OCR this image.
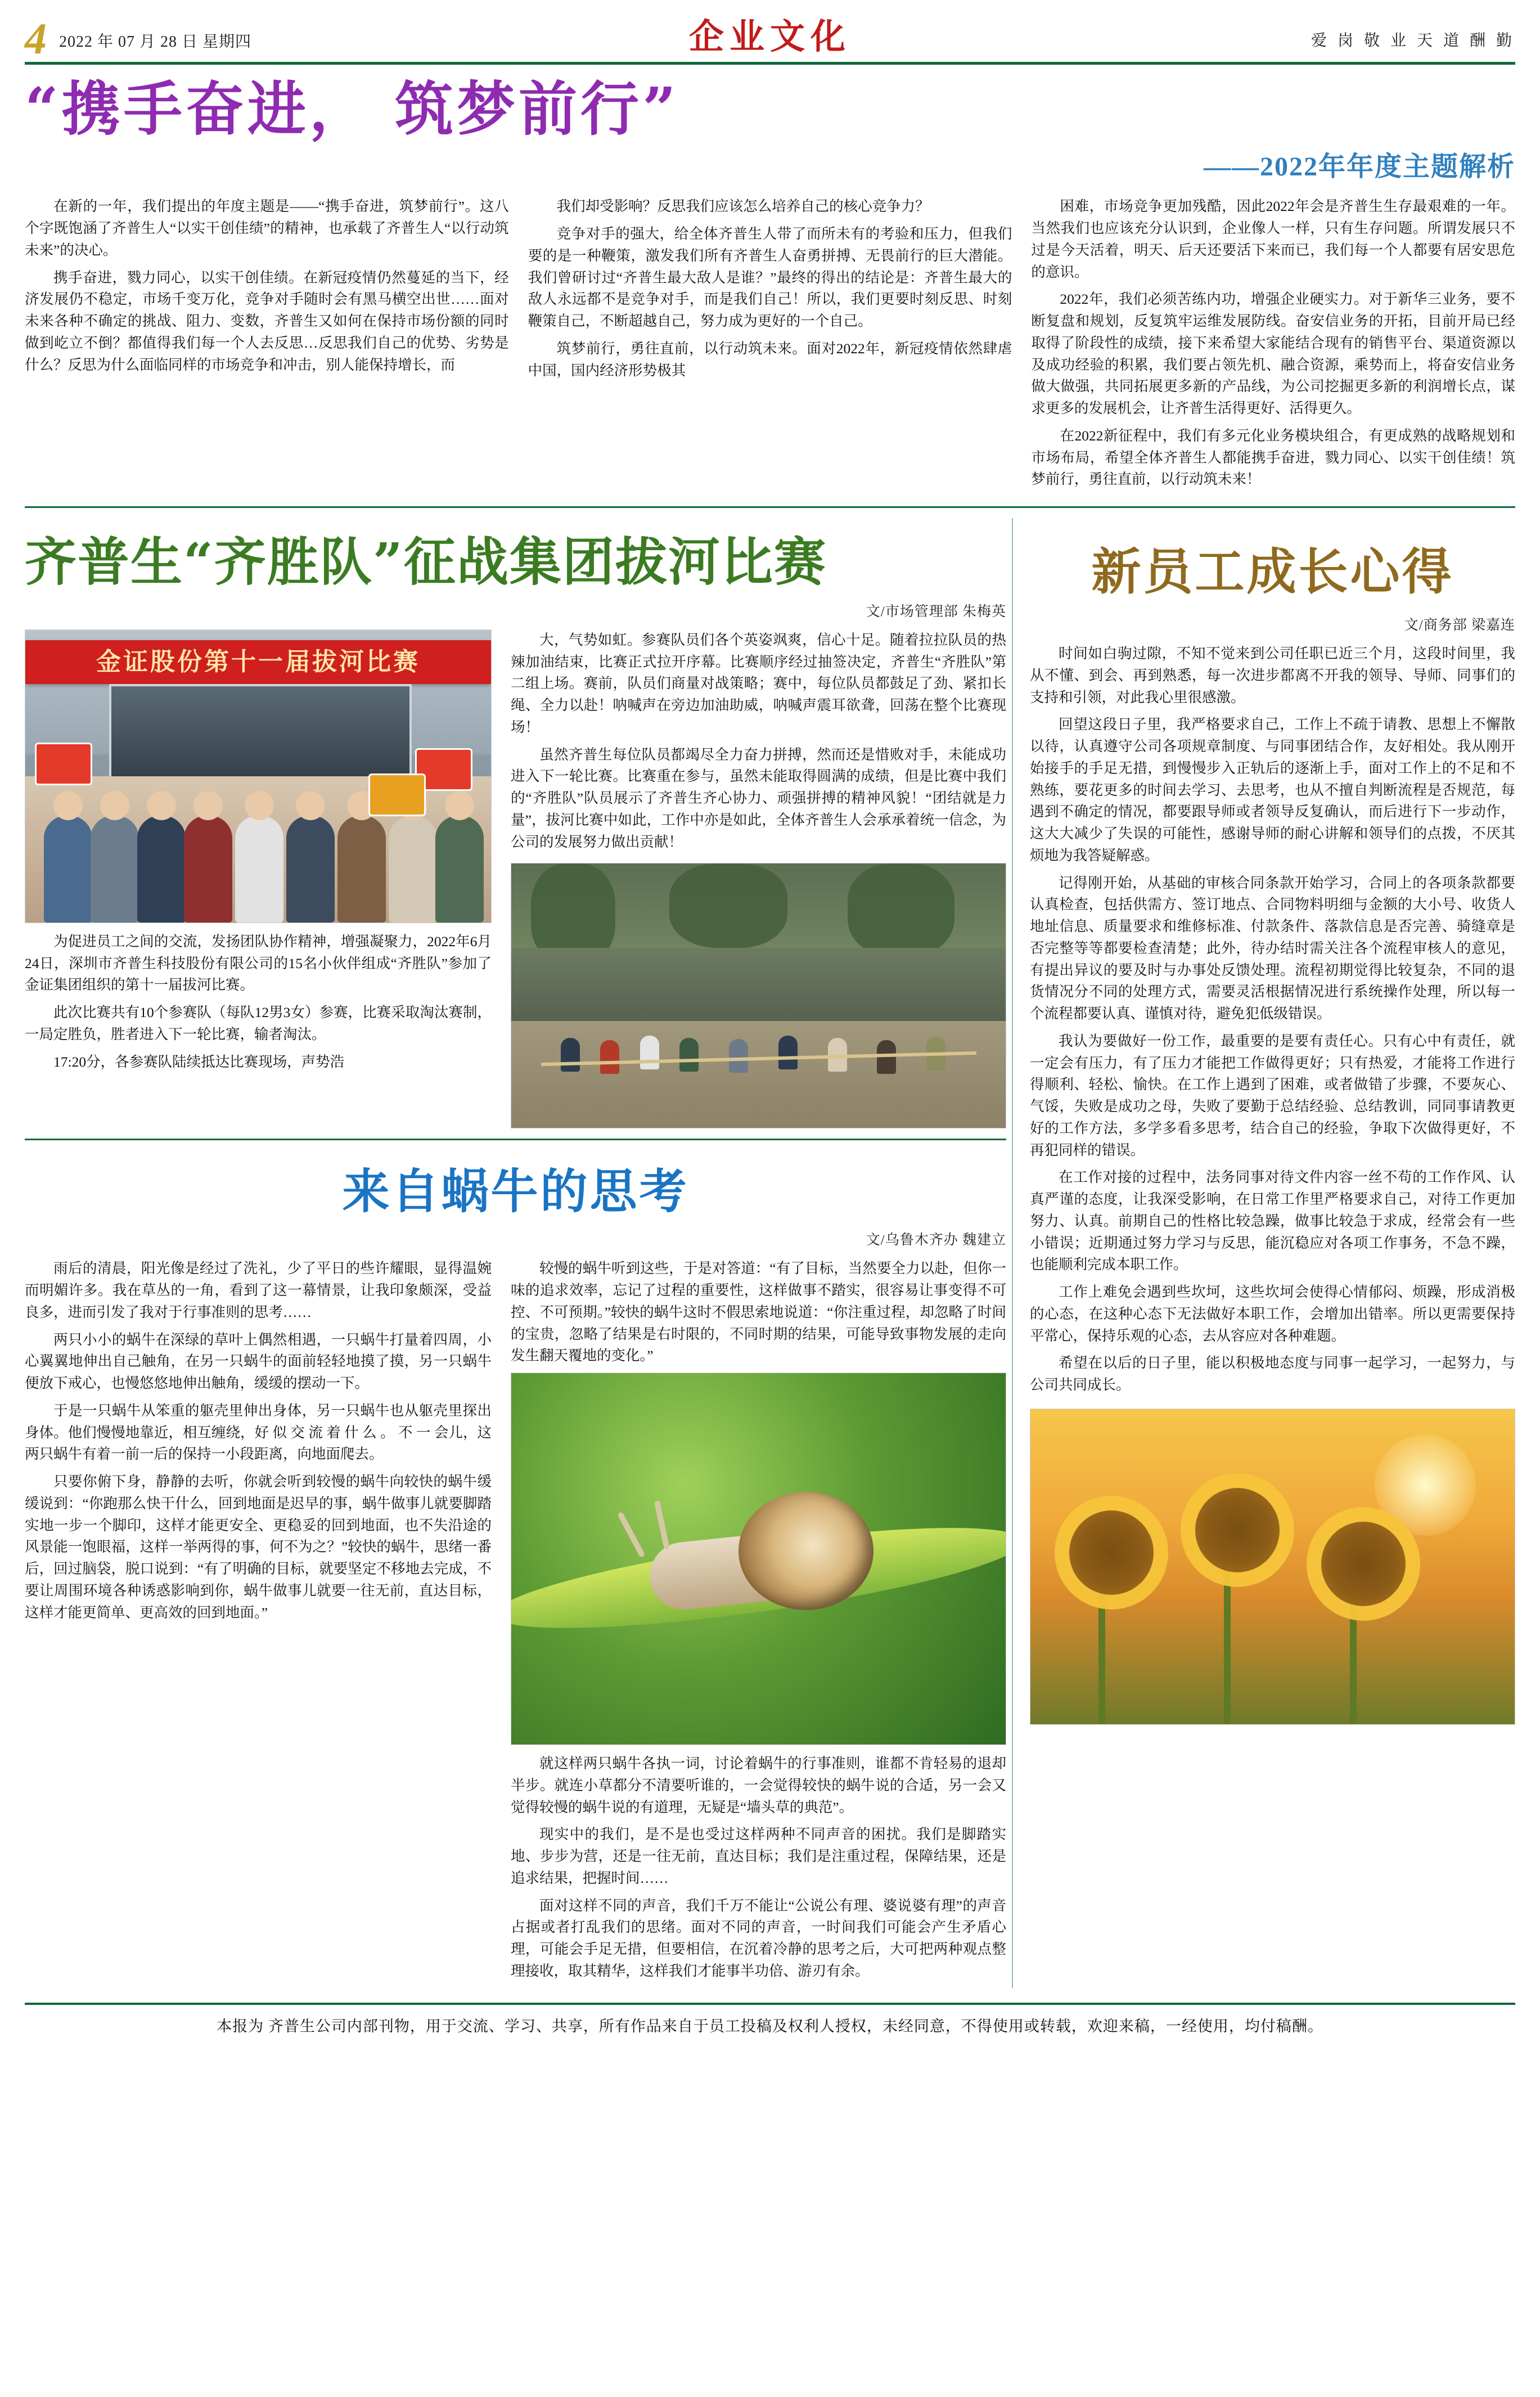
4 2022 年 07 月 28 日 星期四	企业文化	爱 岗 敬 业 天 道 酬 勤
“携手奋进， 筑梦前行”
——2022年年度主题解析

在新的一年，我们提出的年度主题是——“携手奋进，筑梦前行”。这八个字既饱涵了齐普生人“以实干创佳绩”的精神，也承载了齐普生人“以行动筑未来”的决心。

携手奋进，戮力同心，以实干创佳绩。在新冠疫情仍然蔓延的当下，经济发展仍不稳定，市场千变万化，竞争对手随时会有黑马横空出世……面对未来各种不确定的挑战、阻力、变数，齐普生又如何在保持市场份额的同时做到屹立不倒？都值得我们每一个人去反思…反思我们自己的优势、劣势是什么？反思为什么面临同样的市场竞争和冲击，别人能保持增长，而

我们却受影响？反思我们应该怎么培养自己的核心竞争力？

竞争对手的强大，给全体齐普生人带了而所未有的考验和压力，但我们要的是一种鞭策，激发我们所有齐普生人奋勇拼搏、无畏前行的巨大潜能。我们曾研讨过“齐普生最大敌人是谁？”最终的得出的结论是：齐普生最大的敌人永远都不是竞争对手，而是我们自己！所以，我们更要时刻反思、时刻鞭策自己，不断超越自己，努力成为更好的一个自己。

筑梦前行，勇往直前，以行动筑未来。面对2022年，新冠疫情依然肆虐中国，国内经济形势极其

困难，市场竞争更加残酷，因此2022年会是齐普生生存最艰难的一年。当然我们也应该充分认识到，企业像人一样，只有生存问题。所谓发展只不过是今天活着，明天、后天还要活下来而已，我们每一个人都要有居安思危的意识。

2022年，我们必须苦练内功，增强企业硬实力。对于新华三业务，要不断复盘和规划，反复筑牢运维发展防线。奋安信业务的开拓，目前开局已经取得了阶段性的成绩，接下来希望大家能结合现有的销售平台、渠道资源以及成功经验的积累，我们要占领先机、融合资源，乘势而上，将奋安信业务做大做强，共同拓展更多新的产品线，为公司挖掘更多新的利润增长点，谋求更多的发展机会，让齐普生活得更好、活得更久。

在2022新征程中，我们有多元化业务模块组合，有更成熟的战略规划和市场布局，希望全体齐普生人都能携手奋进，戮力同心、以实干创佳绩！筑梦前行，勇往直前，以行动筑未来！

齐普生“齐胜队”征战集团拔河比赛
文/市场管理部 朱梅英
金证股份第十一届拔河比赛

为促进员工之间的交流，发扬团队协作精神，增强凝聚力，2022年6月24日，深圳市齐普生科技股份有限公司的15名小伙伴组成“齐胜队”参加了金证集团组织的第十一届拔河比赛。

此次比赛共有10个参赛队（每队12男3女）参赛，比赛采取淘汰赛制，一局定胜负，胜者进入下一轮比赛，输者淘汰。

17:20分，各参赛队陆续抵达比赛现场，声势浩

大，气势如虹。参赛队员们各个英姿飒爽，信心十足。随着拉拉队员的热辣加油结束，比赛正式拉开序幕。比赛顺序经过抽签决定，齐普生“齐胜队”第二组上场。赛前，队员们商量对战策略；赛中，每位队员都鼓足了劲、紧扣长绳、全力以赴！呐喊声在旁边加油助威，呐喊声震耳欲聋，回荡在整个比赛现场！

虽然齐普生每位队员都竭尽全力奋力拼搏，然而还是惜败对手，未能成功进入下一轮比赛。比赛重在参与，虽然未能取得圆满的成绩，但是比赛中我们的“齐胜队”队员展示了齐普生齐心协力、顽强拼搏的精神风貌！“团结就是力量”，拔河比赛中如此，工作中亦是如此，全体齐普生人会承承着统一信念，为公司的发展努力做出贡献！

来自蜗牛的思考
文/乌鲁木齐办 魏建立

雨后的清晨，阳光像是经过了洗礼，少了平日的些许耀眼，显得温婉而明媚许多。我在草丛的一角，看到了这一幕情景，让我印象颇深，受益良多，进而引发了我对于行事准则的思考……

两只小小的蜗牛在深绿的草叶上偶然相遇，一只蜗牛打量着四周，小心翼翼地伸出自己触角，在另一只蜗牛的面前轻轻地摸了摸，另一只蜗牛便放下戒心，也慢悠悠地伸出触角，缓缓的摆动一下。

于是一只蜗牛从笨重的躯壳里伸出身体，另一只蜗牛也从躯壳里探出身体。他们慢慢地靠近，相互缠绕，好 似 交 流 着 什 么 。 不 一 会儿，这两只蜗牛有着一前一后的保持一小段距离，向地面爬去。

只要你俯下身，静静的去听，你就会听到较慢的蜗牛向较快的蜗牛缓缓说到：“你跑那么快干什么，回到地面是迟早的事，蜗牛做事儿就要脚踏实地一步一个脚印，这样才能更安全、更稳妥的回到地面，也不失沿途的风景能一饱眼福，这样一举两得的事，何不为之？”较快的蜗牛，思绪一番后，回过脑袋，脱口说到：“有了明确的目标，就要坚定不移地去完成，不要让周围环境各种诱惑影响到你，蜗牛做事儿就要一往无前，直达目标，这样才能更简单、更高效的回到地面。”

较慢的蜗牛听到这些，于是对答道：“有了目标，当然要全力以赴，但你一味的追求效率，忘记了过程的重要性，这样做事不踏实，很容易让事变得不可控、不可预期。”较快的蜗牛这时不假思索地说道：“你注重过程，却忽略了时间的宝贵，忽略了结果是右时限的，不同时期的结果，可能导致事物发展的走向发生翻天覆地的变化。”

就这样两只蜗牛各执一词，讨论着蜗牛的行事准则，谁都不肯轻易的退却半步。就连小草都分不清要听谁的，一会觉得较快的蜗牛说的合适，另一会又觉得较慢的蜗牛说的有道理，无疑是“墙头草的典范”。

现实中的我们，是不是也受过这样两种不同声音的困扰。我们是脚踏实地、步步为营，还是一往无前，直达目标；我们是注重过程，保障结果，还是追求结果，把握时间……

面对这样不同的声音，我们千万不能让“公说公有理、婆说婆有理”的声音占据或者打乱我们的思绪。面对不同的声音，一时间我们可能会产生矛盾心理，可能会手足无措，但要相信，在沉着冷静的思考之后，大可把两种观点整理接收，取其精华，这样我们才能事半功倍、游刃有余。

新员工成长心得
文/商务部 梁嘉连

时间如白驹过隙，不知不觉来到公司任职已近三个月，这段时间里，我从不懂、到会、再到熟悉，每一次进步都离不开我的领导、导师、同事们的支持和引领，对此我心里很感激。

回望这段日子里，我严格要求自己，工作上不疏于请教、思想上不懈散以待，认真遵守公司各项规章制度、与同事团结合作，友好相处。我从刚开始接手的手足无措，到慢慢步入正轨后的逐渐上手，面对工作上的不足和不熟练，要花更多的时间去学习、去思考，也从不擅自判断流程是否规范，每遇到不确定的情况，都要跟导师或者领导反复确认，而后进行下一步动作，这大大减少了失误的可能性，感谢导师的耐心讲解和领导们的点拨，不厌其烦地为我答疑解惑。

记得刚开始，从基础的审核合同条款开始学习，合同上的各项条款都要认真检查，包括供需方、签订地点、合同物料明细与金额的大小号、收货人地址信息、质量要求和维修标准、付款条件、落款信息是否完善、骑缝章是否完整等等都要检查清楚；此外，待办结时需关注各个流程审核人的意见，有提出异议的要及时与办事处反馈处理。流程初期觉得比较复杂，不同的退货情况分不同的处理方式，需要灵活根据情况进行系统操作处理，所以每一个流程都要认真、谨慎对待，避免犯低级错误。

我认为要做好一份工作，最重要的是要有责任心。只有心中有责任，就一定会有压力，有了压力才能把工作做得更好；只有热爱，才能将工作进行得顺利、轻松、愉快。在工作上遇到了困难，或者做错了步骤，不要灰心、气馁，失败是成功之母，失败了要勤于总结经验、总结教训，同同事请教更好的工作方法，多学多看多思考，结合自己的经验，争取下次做得更好，不再犯同样的错误。

在工作对接的过程中，法务同事对待文件内容一丝不苟的工作作风、认真严谨的态度，让我深受影响，在日常工作里严格要求自己，对待工作更加努力、认真。前期自己的性格比较急躁，做事比较急于求成，经常会有一些小错误；近期通过努力学习与反思，能沉稳应对各项工作事务，不急不躁，也能顺利完成本职工作。

工作上难免会遇到些坎坷，这些坎坷会使得心情郁闷、烦躁，形成消极的心态，在这种心态下无法做好本职工作，会增加出错率。所以更需要保持平常心，保持乐观的心态，去从容应对各种难题。

希望在以后的日子里，能以积极地态度与同事一起学习，一起努力，与公司共同成长。

本报为 齐普生公司内部刊物，用于交流、学习、共享，所有作品来自于员工投稿及权利人授权，未经同意，不得使用或转载，欢迎来稿，一经使用，均付稿酬。
